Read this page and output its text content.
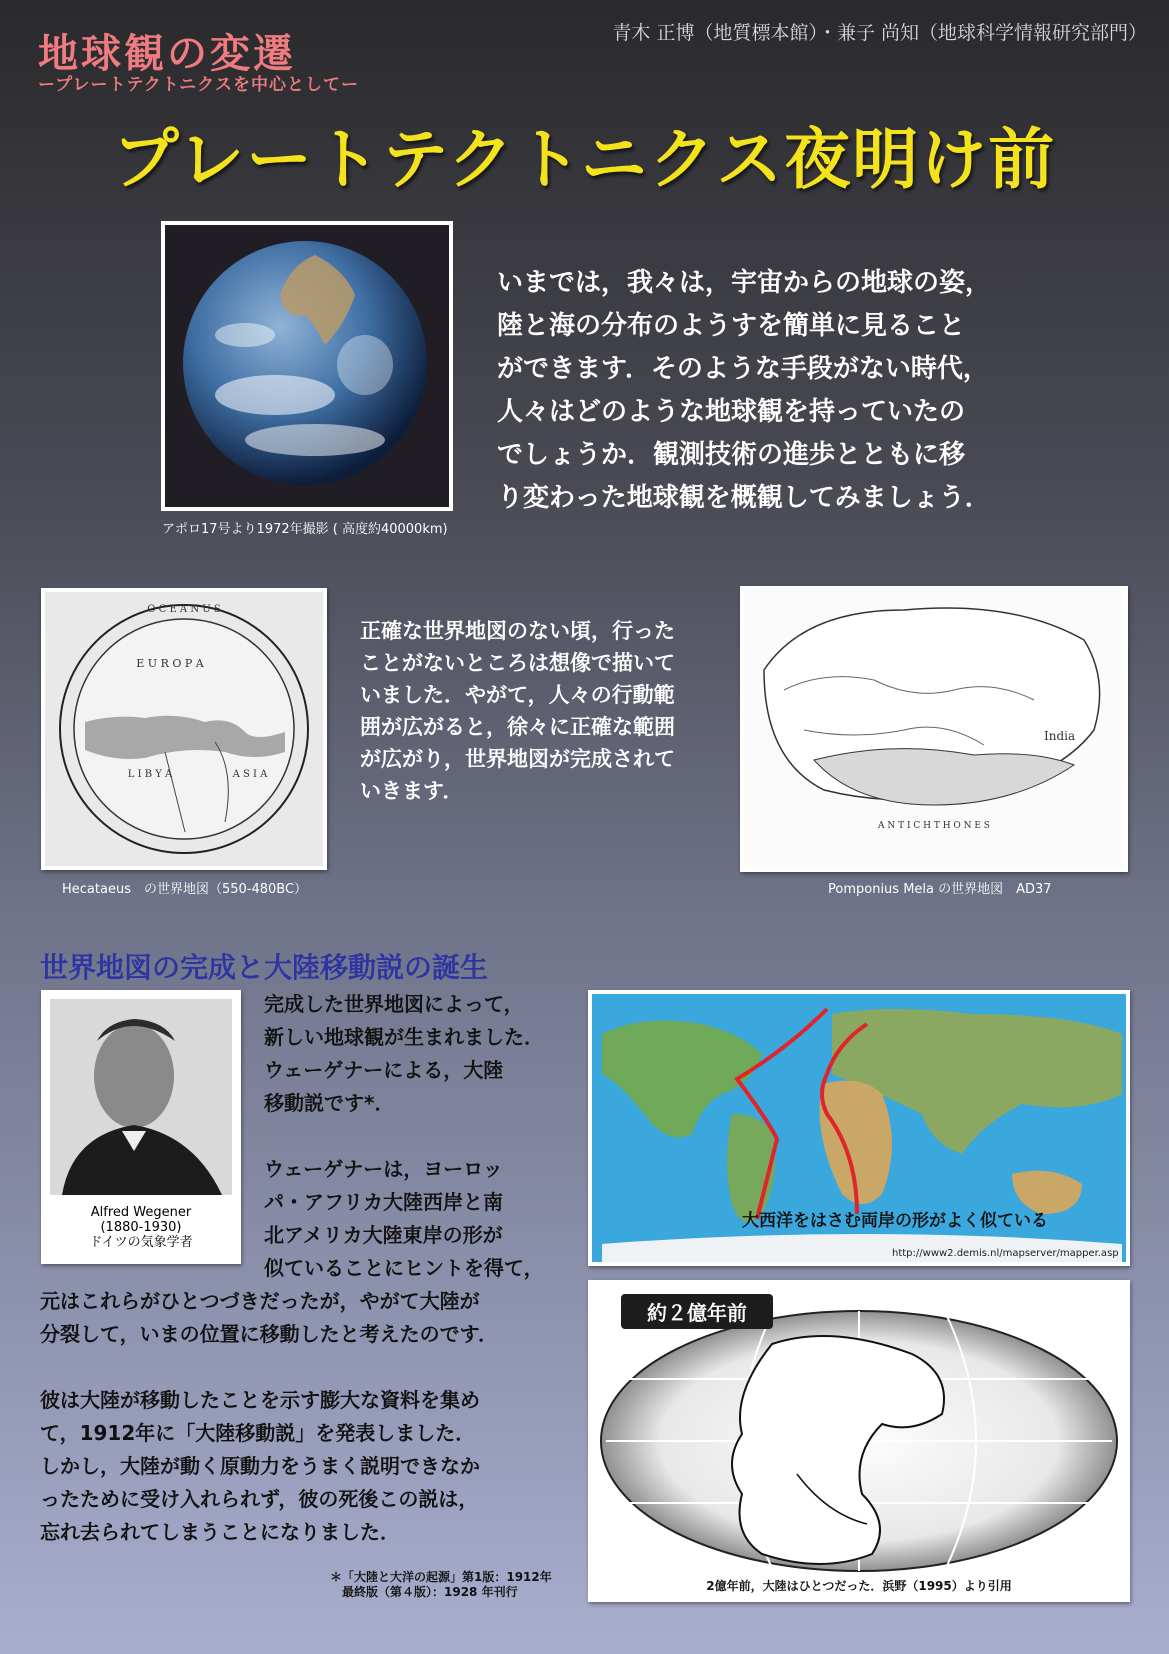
地球観の変遷
ープレートテクトニクスを中心としてー
青木 正博（地質標本館）・兼子 尚知（地球科学情報研究部門）
プレートテクトニクス夜明け前
アポロ17号より1972年撮影 ( 高度約40000km)
いまでは，我々は，宇宙からの地球の姿，
陸と海の分布のようすを簡単に見ること
ができます．そのような手段がない時代，
人々はどのような地球観を持っていたの
でしょうか．観測技術の進歩とともに移
り変わった地球観を概観してみましょう．
O C E A N U S
E U R O P A
L I B Y A	A S I A
Hecataeus　の世界地図（550-480BC）
正確な世界地図のない頃，行った
ことがないところは想像で描いて
いました．やがて，人々の行動範
囲が広がると，徐々に正確な範囲
が広がり，世界地図が完成されて
いきます．
India
A N T I C H T H O N E S
Pomponius Mela の世界地図　AD37
世界地図の完成と大陸移動説の誕生
完成した世界地図によって，
新しい地球観が生まれました．
ウェーゲナーによる，大陸
移動説です*．
ウェーゲナーは，ヨーロッ
パ・アフリカ大陸西岸と南
北アメリカ大陸東岸の形が
似ていることにヒントを得て，
元はこれらがひとつづきだったが，やがて大陸が
分裂して，いまの位置に移動したと考えたのです．
彼は大陸が移動したことを示す膨大な資料を集め
て，1912年に「大陸移動説」を発表しました．
しかし，大陸が動く原動力をうまく説明できなか
ったために受け入れられず，彼の死後この説は，
忘れ去られてしまうことになりました．
Alfred Wegener
(1880-1930)
ドイツの気象学者
大西洋をはさむ両岸の形がよく似ている
http://www2.demis.nl/mapserver/mapper.asp
2億年前，大陸はひとつだった．浜野（1995）より引用
約２億年前
＊「大陸と大洋の起源」第1版：1912年
　最終版（第４版）：1928 年刊行
